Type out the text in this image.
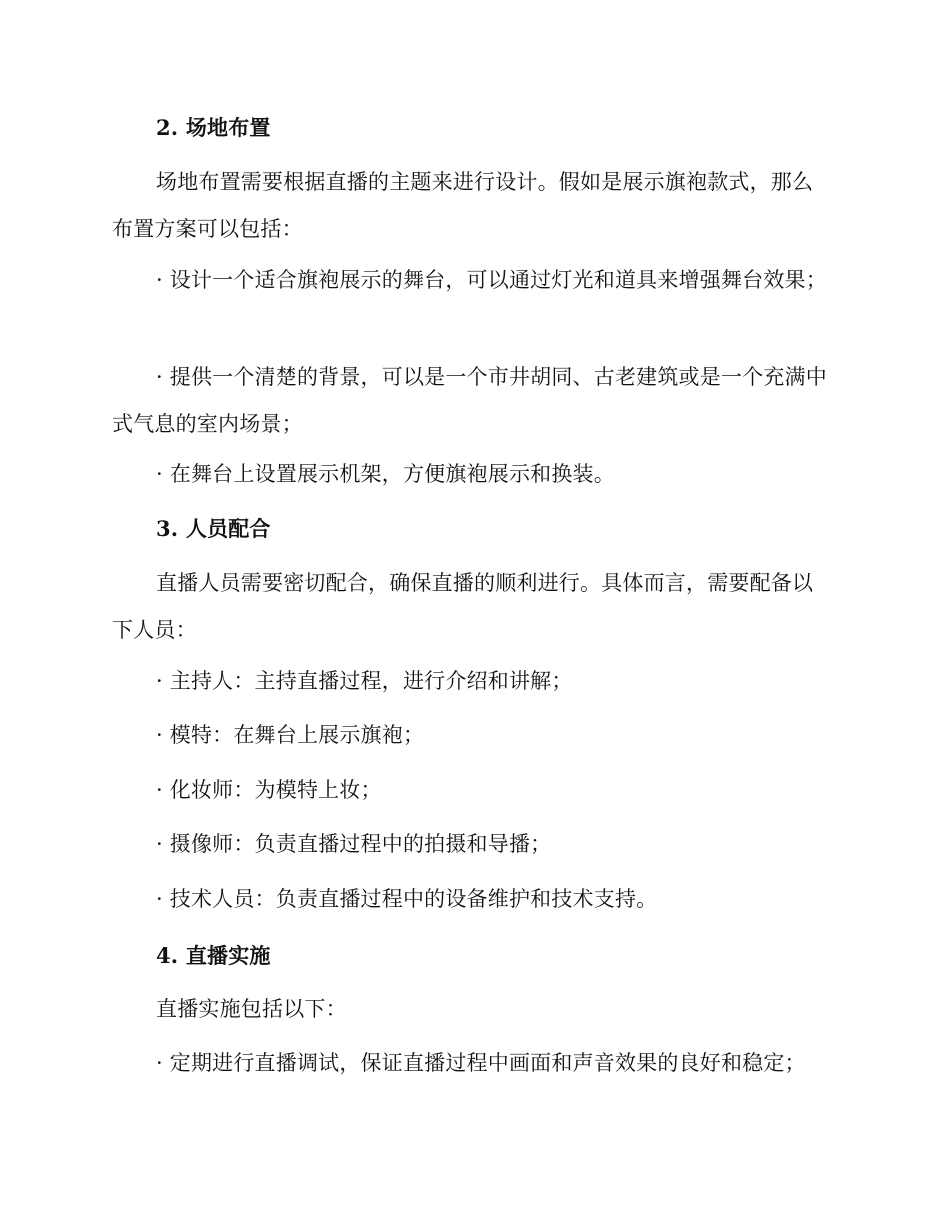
2. 场地布置
场地布置需要根据直播的主题来进行设计。假如是展示旗袍款式，那么布置方案可以包括：
· 设计一个适合旗袍展示的舞台，可以通过灯光和道具来增强舞台效果；
· 提供一个清楚的背景，可以是一个市井胡同、古老建筑或是一个充满中式气息的室内场景；
· 在舞台上设置展示机架，方便旗袍展示和换装。
3. 人员配合
直播人员需要密切配合，确保直播的顺利进行。具体而言，需要配备以下人员：
· 主持人：主持直播过程，进行介绍和讲解；
· 模特：在舞台上展示旗袍；
· 化妆师：为模特上妆；
· 摄像师：负责直播过程中的拍摄和导播；
· 技术人员：负责直播过程中的设备维护和技术支持。
4. 直播实施
直播实施包括以下：
· 定期进行直播调试，保证直播过程中画面和声音效果的良好和稳定；
